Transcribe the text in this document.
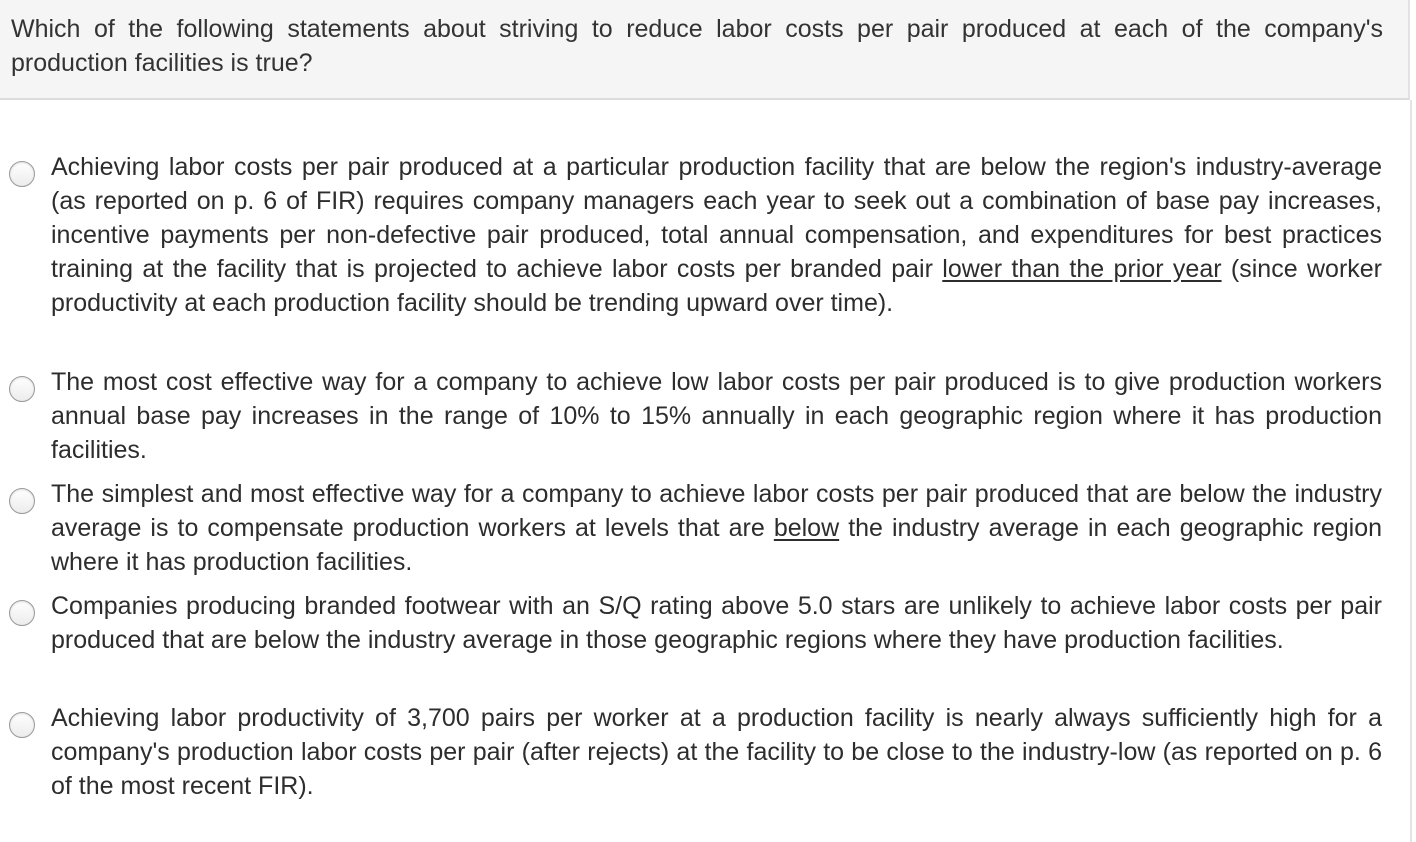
Which of the following statements about striving to reduce labor costs per pair produced at each of the company's production facilities is true?

Achieving labor costs per pair produced at a particular production facility that are below the region's industry-average (as reported on p. 6 of FIR) requires company managers each year to seek out a combination of base pay increases, incentive payments per non-defective pair produced, total annual compensation, and expenditures for best practices training at the facility that is projected to achieve labor costs per branded pair lower than the prior year (since worker productivity at each production facility should be trending upward over time).

The most cost effective way for a company to achieve low labor costs per pair produced is to give production workers annual base pay increases in the range of 10% to 15% annually in each geographic region where it has production facilities.

The simplest and most effective way for a company to achieve labor costs per pair produced that are below the industry average is to compensate production workers at levels that are below the industry average in each geographic region where it has production facilities.

Companies producing branded footwear with an S/Q rating above 5.0 stars are unlikely to achieve labor costs per pair produced that are below the industry average in those geographic regions where they have production facilities.

Achieving labor productivity of 3,700 pairs per worker at a production facility is nearly always sufficiently high for a company's production labor costs per pair (after rejects) at the facility to be close to the industry-low (as reported on p. 6 of the most recent FIR).
